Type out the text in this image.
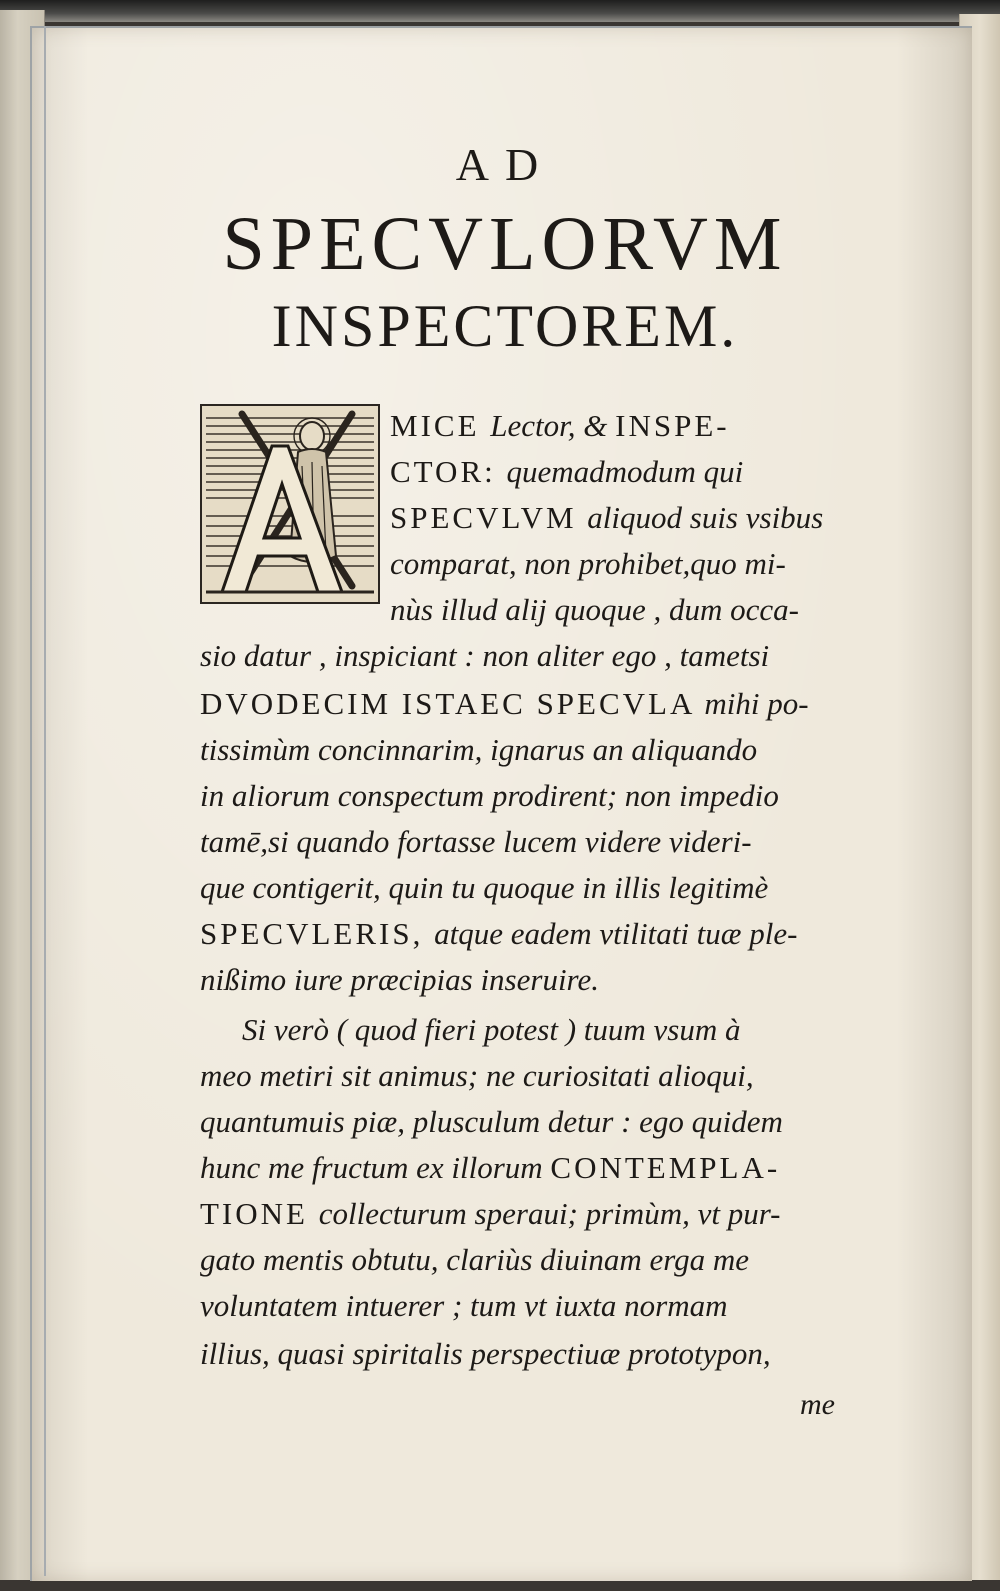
AD
SPECVLORVM
INSPECTOREM.
MICE Lector, & INSPE-
CTOR: quemadmodum qui
SPECVLVM aliquod suis vsibus
comparat, non prohibet,quo mi-
nùs illud alij quoque , dum occa-
sio datur , inspiciant : non aliter ego , tametsi
DVODECIM ISTAEC SPECVLA mihi po-
tissimùm concinnarim, ignarus an aliquando
in aliorum conspectum prodirent; non impedio
tamē,si quando fortasse lucem videre videri-
que contigerit, quin tu quoque in illis legitimè
SPECVLERIS, atque eadem vtilitati tuæ ple-
nißimo iure præcipias inseruire.
Si verò ( quod fieri potest ) tuum vsum à
meo metiri sit animus; ne curiositati alioqui,
quantumuis piæ, plusculum detur : ego quidem
hunc me fructum ex illorum CONTEMPLA-
TIONE collecturum speraui; primùm, vt pur-
gato mentis obtutu, clariùs diuinam erga me
voluntatem intuerer ; tum vt iuxta normam
illius, quasi spiritalis perspectiuæ prototypon,
me
